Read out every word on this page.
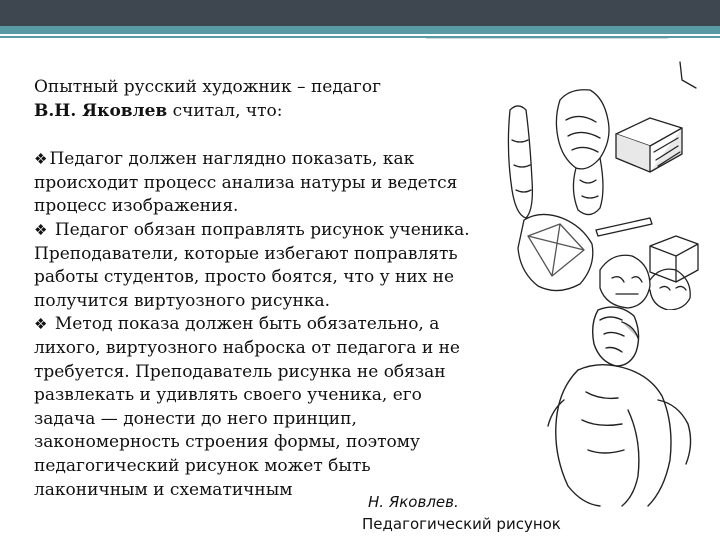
Опытный русский художник – педагог

В.Н. Яковлев считал, что:

❖ Педагог должен наглядно показать, как

происходит процесс анализа натуры и ведется

процесс изображения.

❖ Педагог обязан поправлять рисунок ученика.

Преподаватели, которые избегают поправлять

работы студентов, просто боятся, что у них не

получится виртуозного рисунка.

❖ Метод показа должен быть обязательно, а

лихого, виртуозного наброска от педагога и не

требуется. Преподаватель рисунка не обязан

развлекать и удивлять своего ученика, его

задача — донести до него принцип,

закономерность строения формы, поэтому

педагогический рисунок может быть

лаконичным и схематичным

Н. Яковлев.
Педагогический рисунок
